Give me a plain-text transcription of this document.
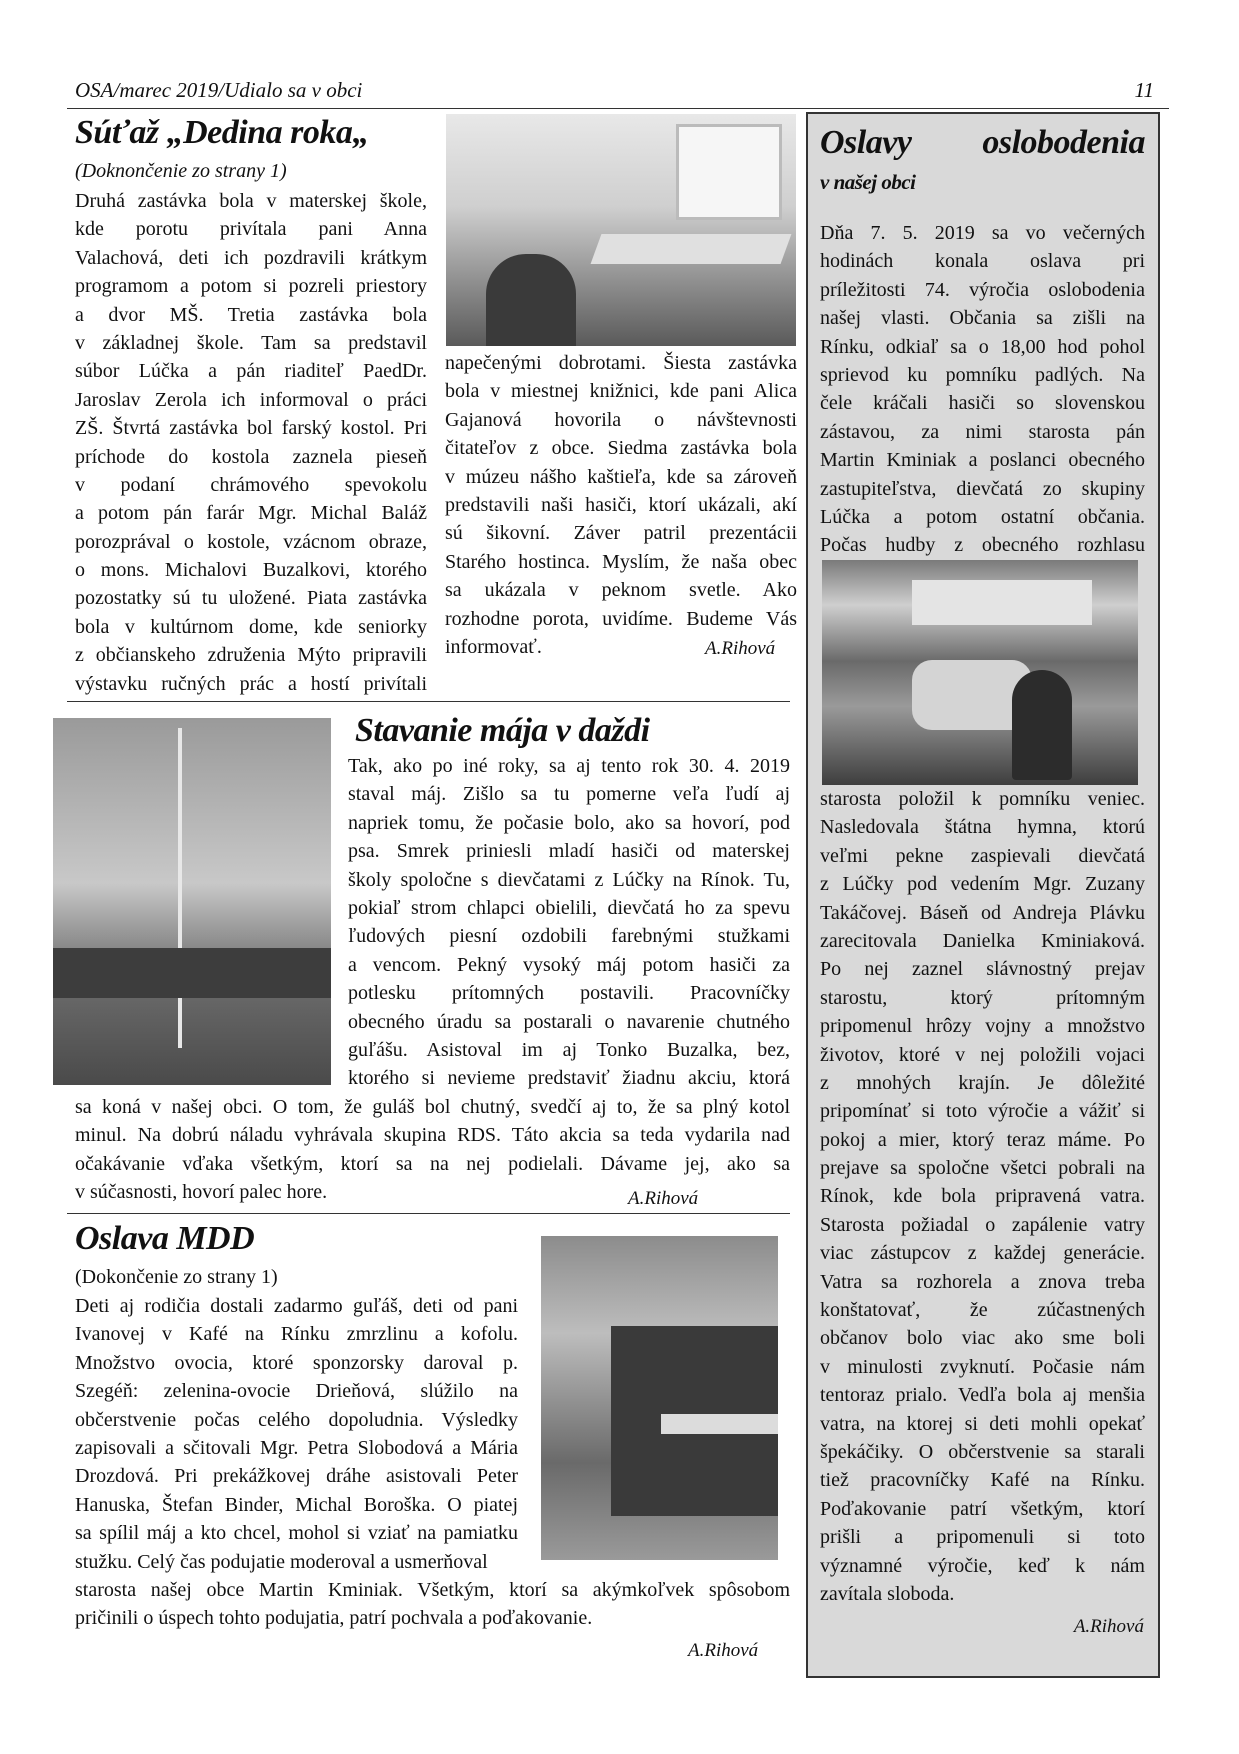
OSA/marec 2019/Udialo sa v obci	11
Súťaž „Dedina roka„
(Doknončenie zo strany 1)
Druhá zastávka bola v materskej škole,
kde porotu privítala pani Anna
Valachová, deti ich pozdravili krátkym
programom a potom si pozreli priestory
a dvor MŠ. Tretia zastávka bola
v základnej škole. Tam sa predstavil
súbor Lúčka a pán riaditeľ PaedDr.
Jaroslav Zerola ich informoval o práci
ZŠ. Štvrtá zastávka bol farský kostol. Pri
príchode do kostola zaznela pieseň
v podaní chrámového spevokolu
a potom pán farár Mgr. Michal Baláž
porozprával o kostole, vzácnom obraze,
o mons. Michalovi Buzalkovi, ktorého
pozostatky sú tu uložené. Piata zastávka
bola v kultúrnom dome, kde seniorky
z občianskeho združenia Mýto pripravili
výstavku ručných prác a hostí privítali
napečenými dobrotami. Šiesta zastávka
bola v miestnej knižnici, kde pani Alica
Gajanová hovorila o návštevnosti
čitateľov z obce. Siedma zastávka bola
v múzeu nášho kaštieľa, kde sa zároveň
predstavili naši hasiči, ktorí ukázali, akí
sú šikovní. Záver patril prezentácii
Starého hostinca. Myslím, že naša obec
sa ukázala v peknom svetle. Ako
rozhodne porota, uvidíme. Budeme Vás
informovať.	A.Rihová
Stavanie mája v daždi
Tak, ako po iné roky, sa aj tento rok 30. 4. 2019
staval máj. Zišlo sa tu pomerne veľa ľudí aj
napriek tomu, že počasie bolo, ako sa hovorí, pod
psa. Smrek priniesli mladí hasiči od materskej
školy spoločne s dievčatami z Lúčky na Rínok. Tu,
pokiaľ strom chlapci obielili, dievčatá ho za spevu
ľudových piesní ozdobili farebnými stužkami
a vencom. Pekný vysoký máj potom hasiči za
potlesku prítomných postavili. Pracovníčky
obecného úradu sa postarali o navarenie chutného
guľášu. Asistoval im aj Tonko Buzalka, bez,
ktorého si nevieme predstaviť žiadnu akciu, ktorá
sa koná v našej obci. O tom, že guláš bol chutný, svedčí aj to, že sa plný kotol
minul. Na dobrú náladu vyhrávala skupina RDS. Táto akcia sa teda vydarila nad
očakávanie vďaka všetkým, ktorí sa na nej podielali. Dávame jej, ako sa
v súčasnosti, hovorí palec hore.	A.Rihová
Oslava MDD
(Dokončenie zo strany 1)
Deti aj rodičia dostali zadarmo guľáš, deti od pani
Ivanovej v Kafé na Rínku zmrzlinu a kofolu.
Množstvo ovocia, ktoré sponzorsky daroval p.
Szegéň: zelenina-ovocie Drieňová, slúžilo na
občerstvenie počas celého dopoludnia. Výsledky
zapisovali a sčitovali Mgr. Petra Slobodová a Mária
Drozdová. Pri prekážkovej dráhe asistovali Peter
Hanuska, Štefan Binder, Michal Boroška. O piatej
sa spílil máj a kto chcel, mohol si vziať na pamiatku
stužku. Celý čas podujatie moderoval a usmerňoval
starosta našej obce Martin Kminiak. Všetkým, ktorí sa akýmkoľvek spôsobom
pričinili o úspech tohto podujatia, patrí pochvala a poďakovanie.
A.Rihová
Oslavy oslobodenia
v našej obci
Dňa 7. 5. 2019 sa vo večerných
hodinách konala oslava pri
príležitosti 74. výročia oslobodenia
našej vlasti. Občania sa zišli na
Rínku, odkiaľ sa o 18,00 hod pohol
sprievod ku pomníku padlých. Na
čele kráčali hasiči so slovenskou
zástavou, za nimi starosta pán
Martin Kminiak a poslanci obecného
zastupiteľstva, dievčatá zo skupiny
Lúčka a potom ostatní občania.
Počas hudby z obecného rozhlasu
starosta položil k pomníku veniec.
Nasledovala štátna hymna, ktorú
veľmi pekne zaspievali dievčatá
z Lúčky pod vedením Mgr. Zuzany
Takáčovej. Báseň od Andreja Plávku
zarecitovala Danielka Kminiaková.
Po nej zaznel slávnostný prejav
starostu, ktorý prítomným
pripomenul hrôzy vojny a množstvo
životov, ktoré v nej položili vojaci
z mnohých krajín. Je dôležité
pripomínať si toto výročie a vážiť si
pokoj a mier, ktorý teraz máme. Po
prejave sa spoločne všetci pobrali na
Rínok, kde bola pripravená vatra.
Starosta požiadal o zapálenie vatry
viac zástupcov z každej generácie.
Vatra sa rozhorela a znova treba
konštatovať, že zúčastnených
občanov bolo viac ako sme boli
v minulosti zvyknutí. Počasie nám
tentoraz prialo. Vedľa bola aj menšia
vatra, na ktorej si deti mohli opekať
špekáčiky. O občerstvenie sa starali
tiež pracovníčky Kafé na Rínku.
Poďakovanie patrí všetkým, ktorí
prišli a pripomenuli si toto
významné výročie, keď k nám
zavítala sloboda.
A.Rihová
